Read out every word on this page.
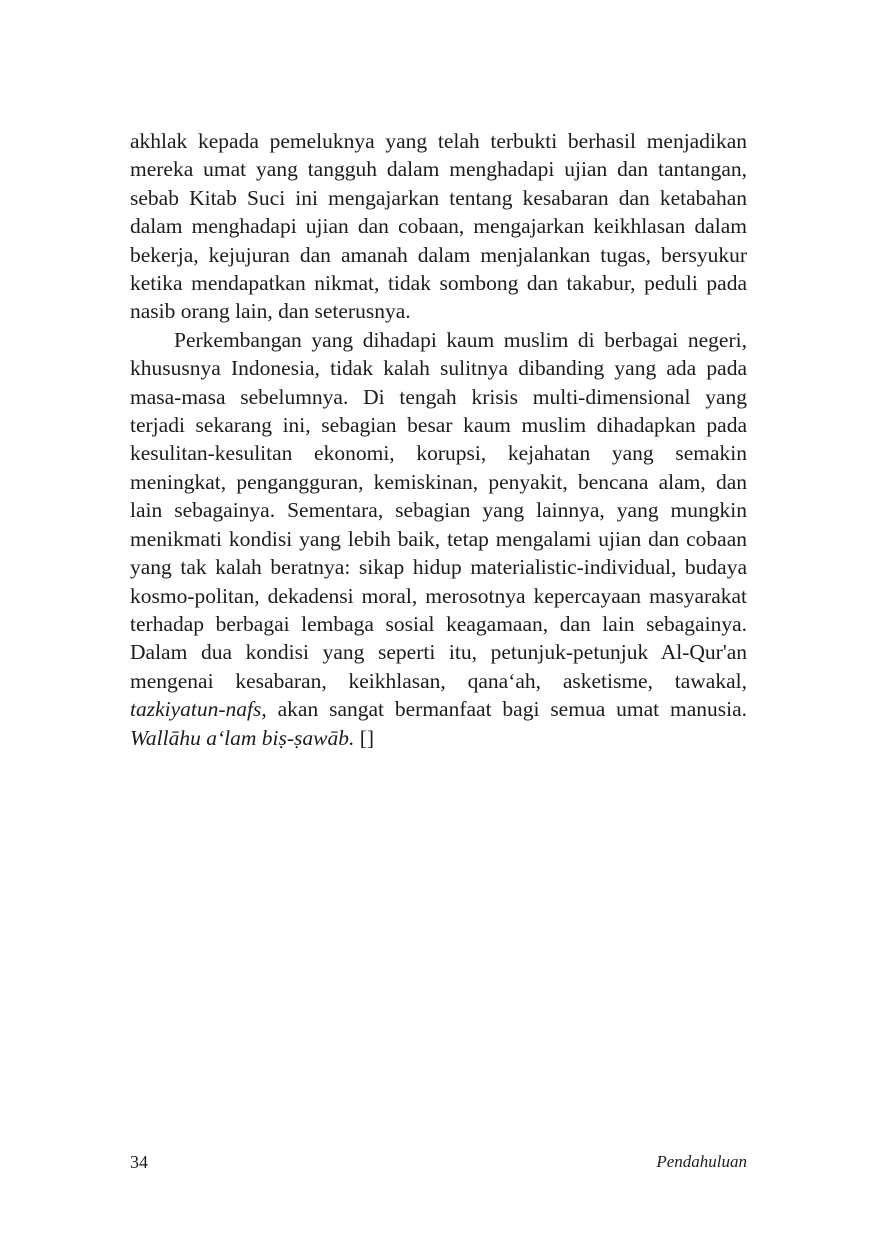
akhlak kepada pemeluknya yang telah terbukti berhasil menjadikan mereka umat yang tangguh dalam menghadapi ujian dan tantangan, sebab Kitab Suci ini mengajarkan tentang kesabaran dan ketabahan dalam menghadapi ujian dan cobaan, mengajarkan keikhlasan dalam bekerja, kejujuran dan amanah dalam menjalankan tugas, bersyukur ketika mendapatkan nikmat, tidak sombong dan takabur, peduli pada nasib orang lain, dan seterusnya.

Perkembangan yang dihadapi kaum muslim di berbagai negeri, khususnya Indonesia, tidak kalah sulitnya dibanding yang ada pada masa-masa sebelumnya. Di tengah krisis multi-dimensional yang terjadi sekarang ini, sebagian besar kaum muslim dihadapkan pada kesulitan-kesulitan ekonomi, korupsi, kejahatan yang semakin meningkat, pengangguran, kemiskinan, penyakit, bencana alam, dan lain sebagainya. Sementara, sebagian yang lainnya, yang mungkin menikmati kondisi yang lebih baik, tetap mengalami ujian dan cobaan yang tak kalah beratnya: sikap hidup materialistic-individual, budaya kosmo-politan, dekadensi moral, merosotnya kepercayaan masyarakat terhadap berbagai lembaga sosial keagamaan, dan lain sebagainya. Dalam dua kondisi yang seperti itu, petunjuk-petunjuk Al-Qur'an mengenai kesabaran, keikhlasan, qana‘ah, asketisme, tawakal, tazkiyatun-nafs, akan sangat bermanfaat bagi semua umat manusia. Wallāhu a‘lam biṣ-ṣawāb. []

34	Pendahuluan
